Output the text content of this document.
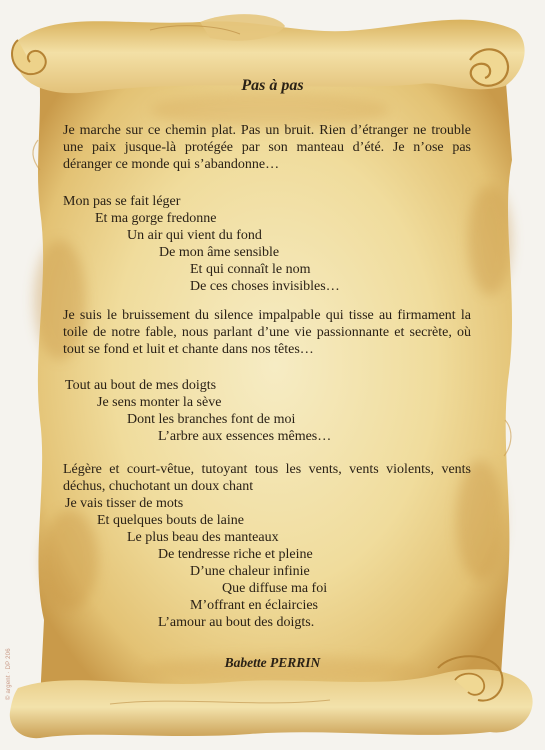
Pas à pas

Je marche sur ce chemin plat. Pas un bruit. Rien d’étranger ne trouble une paix jusque-là protégée par son manteau d’été. Je n’ose pas déranger ce monde qui s’abandonne…

Mon pas se fait léger
Et ma gorge fredonne
Un air qui vient du fond
De mon âme sensible
Et qui connaît le nom
De ces choses invisibles…

Je suis le bruissement du silence impalpable qui tisse au firmament la toile de notre fable, nous parlant d’une vie passionnante et secrète, où tout se fond et luit et chante dans nos têtes…

Tout au bout de mes doigts
Je sens monter la sève
Dont les branches font de moi
L’arbre aux essences mêmes…

Légère et court-vêtue, tutoyant tous les vents, vents violents, vents déchus, chuchotant un doux chant

Je vais tisser de mots
Et quelques bouts de laine
Le plus beau des manteaux
De tendresse riche et pleine
D’une chaleur infinie
Que diffuse ma foi
M’offrant en éclaircies
L’amour au bout des doigts.
Babette PERRIN
© argent · DP 206
